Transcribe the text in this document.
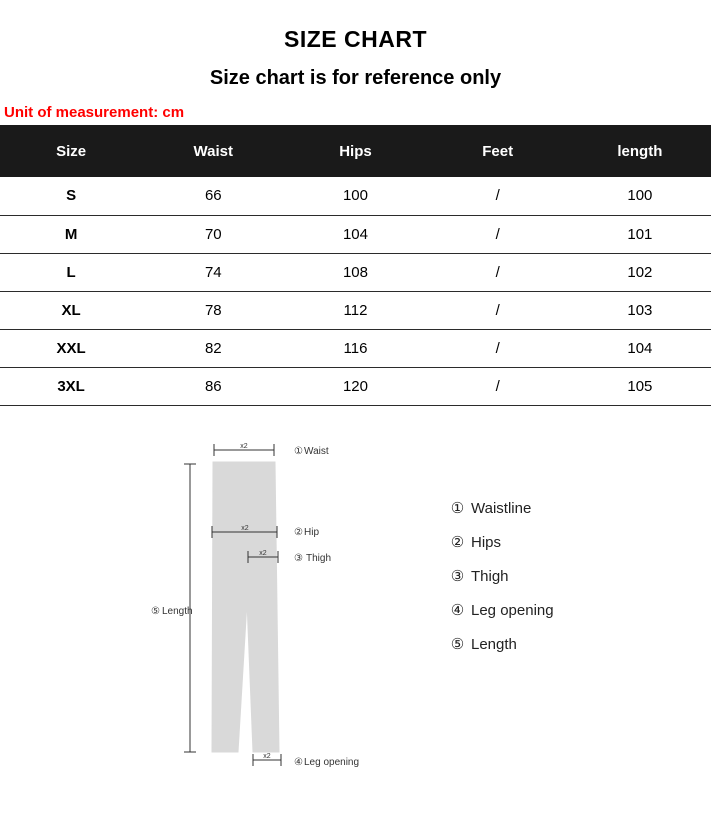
SIZE CHART
Size chart is for reference only
Unit of measurement: cm
Size	Waist	Hips	Feet	length
S	66	100	/	100
M	70	104	/	101
L	74	108	/	102
XL	78	112	/	103
XXL	82	116	/	104
3XL	86	120	/	105
x2
x2
x2
x2
① Waist
② Hip
③ Thigh
⑤ Length
④ Leg opening
① Waistline
② Hips
③ Thigh
④ Leg opening
⑤ Length
